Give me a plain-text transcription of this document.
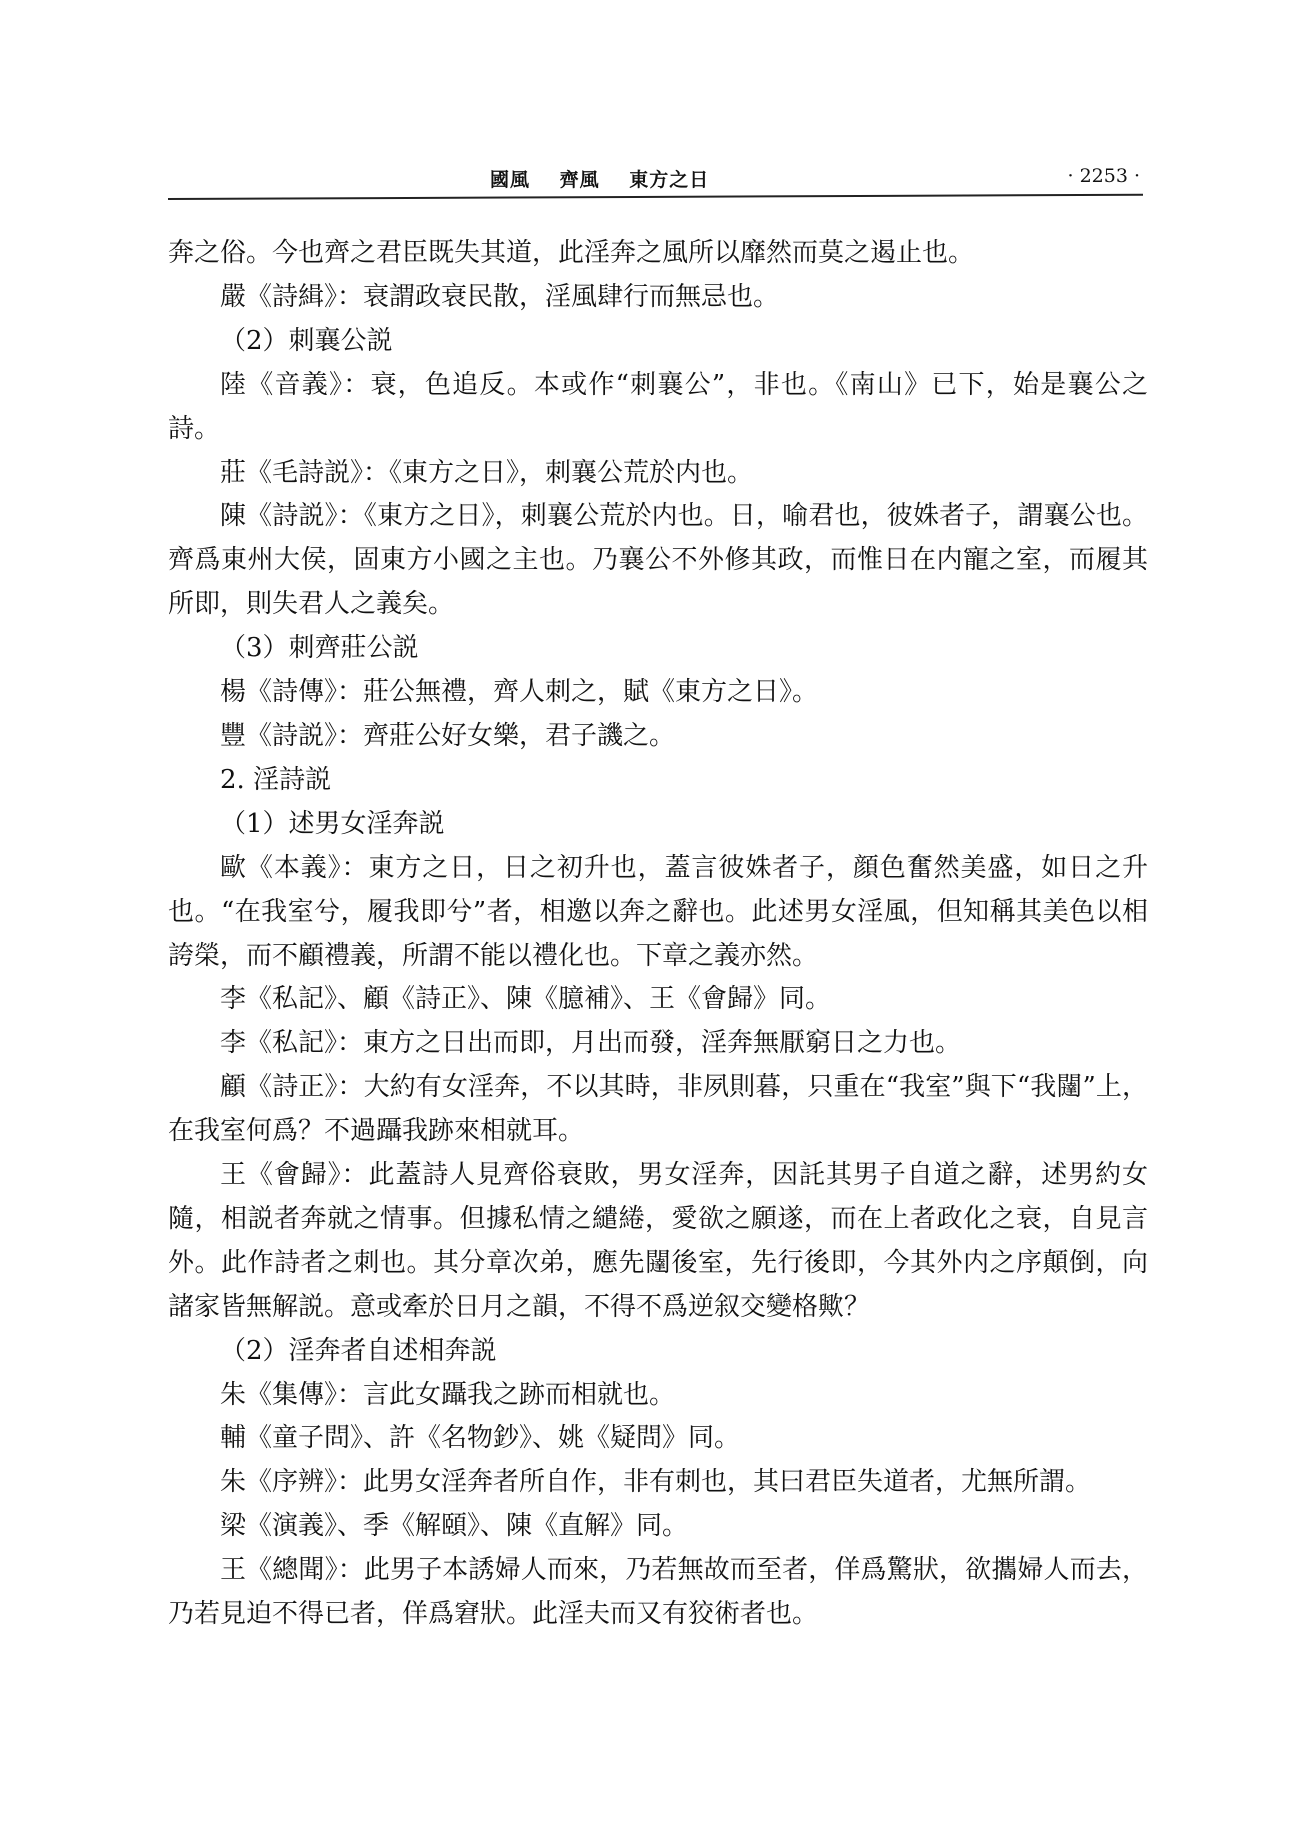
國風 齊風 東方之日	· 2253 ·

奔之俗。今也齊之君臣既失其道，此淫奔之風所以靡然而莫之遏止也。

嚴《詩緝》：衰謂政衰民散，淫風肆行而無忌也。

（2）刺襄公説

陸《音義》：衰，色追反。本或作“刺襄公”，非也。《南山》已下，始是襄公之詩。

莊《毛詩説》：《東方之日》，刺襄公荒於内也。

陳《詩説》：《東方之日》，刺襄公荒於内也。日，喻君也，彼姝者子，謂襄公也。齊爲東州大侯，固東方小國之主也。乃襄公不外修其政，而惟日在内寵之室，而履其所即，則失君人之義矣。

（3）刺齊莊公説

楊《詩傳》：莊公無禮，齊人刺之，賦《東方之日》。

豐《詩説》：齊莊公好女樂，君子譏之。

2. 淫詩説

（1）述男女淫奔説

歐《本義》：東方之日，日之初升也，蓋言彼姝者子，顔色奮然美盛，如日之升也。“在我室兮，履我即兮”者，相邀以奔之辭也。此述男女淫風，但知稱其美色以相誇榮，而不顧禮義，所謂不能以禮化也。下章之義亦然。

李《私記》、顧《詩正》、陳《臆補》、王《會歸》同。

李《私記》：東方之日出而即，月出而發，淫奔無厭窮日之力也。

顧《詩正》：大約有女淫奔，不以其時，非夙則暮，只重在“我室”與下“我闥”上，在我室何爲？不過躡我跡來相就耳。

王《會歸》：此蓋詩人見齊俗衰敗，男女淫奔，因託其男子自道之辭，述男約女隨，相説者奔就之情事。但據私情之繾綣，愛欲之願遂，而在上者政化之衰，自見言外。此作詩者之刺也。其分章次弟，應先闥後室，先行後即，今其外内之序顛倒，向諸家皆無解説。意或牽於日月之韻，不得不爲逆叙交變格歟？

（2）淫奔者自述相奔説

朱《集傳》：言此女躡我之跡而相就也。

輔《童子問》、許《名物鈔》、姚《疑問》同。

朱《序辨》：此男女淫奔者所自作，非有刺也，其曰君臣失道者，尤無所謂。

梁《演義》、季《解頤》、陳《直解》同。

王《總聞》：此男子本誘婦人而來，乃若無故而至者，佯爲驚狀，欲攜婦人而去，乃若見迫不得已者，佯爲窘狀。此淫夫而又有狡術者也。
